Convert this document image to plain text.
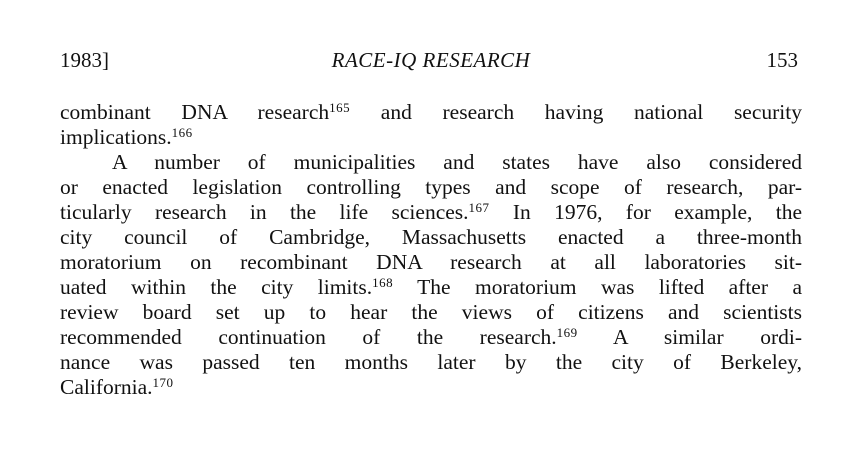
1983]	RACE-IQ RESEARCH	153
combinant DNA research$^{165}$ and research having national security
implications.$^{166}$
A number of municipalities and states have also considered
or enacted legislation controlling types and scope of research, par-
ticularly research in the life sciences.$^{167}$ In 1976, for example, the
city council of Cambridge, Massachusetts enacted a three-month
moratorium on recombinant DNA research at all laboratories sit-
uated within the city limits.$^{168}$ The moratorium was lifted after a
review board set up to hear the views of citizens and scientists
recommended continuation of the research.$^{169}$ A similar ordi-
nance was passed ten months later by the city of Berkeley,
California.$^{170}$
